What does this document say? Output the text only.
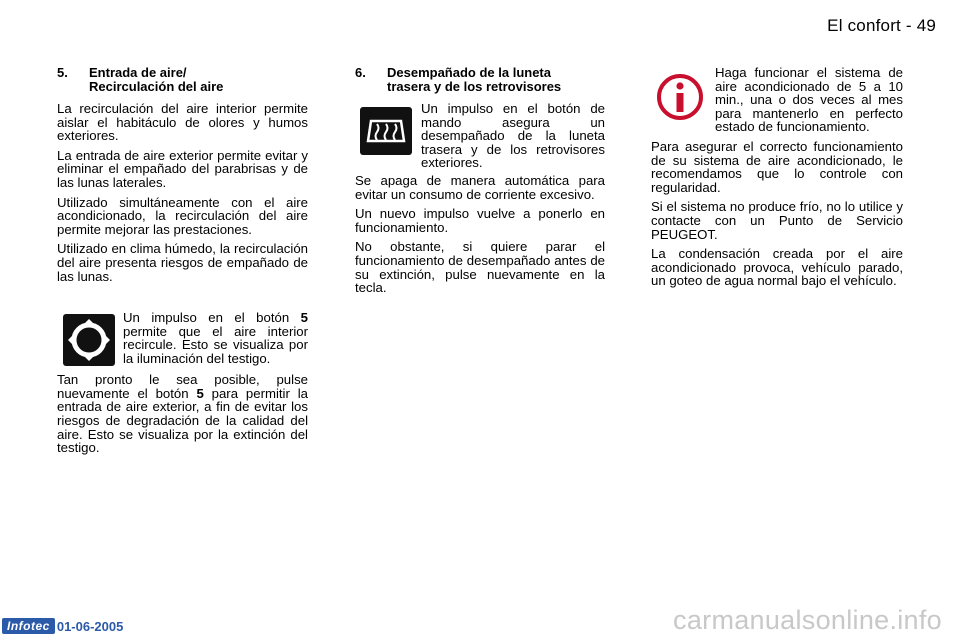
El confort - 49
5.	Entrada de aire/
Recirculación del aire

La recirculación del aire interior permite aislar el habitáculo de olores y humos exteriores.

La entrada de aire exterior permite evitar y eliminar el empañado del parabrisas y de las lunas laterales.

Utilizado simultáneamente con el aire acondicionado, la recirculación del aire permite mejorar las prestaciones.

Utilizado en clima húmedo, la recirculación del aire presenta riesgos de empañado de las lunas.

Un impulso en el botón 5 permite que el aire interior recircule. Esto se visualiza por la iluminación del testigo.

Tan pronto le sea posible, pulse nuevamente el botón 5 para permitir la entrada de aire exterior, a fin de evitar los riesgos de degradación de la calidad del aire. Esto se visualiza por la extinción del testigo.

6.	Desempañado de la luneta
trasera y de los retrovisores
Un impulso en el botón de mando asegura un desempañado de la luneta trasera y de los retrovisores exteriores.

Se apaga de manera automática para evitar un consumo de corriente excesivo.

Un nuevo impulso vuelve a ponerlo en funcionamiento.

No obstante, si quiere parar el funcionamiento de desempañado antes de su extinción, pulse nuevamente en la tecla.

Haga funcionar el sistema de aire acondicionado de 5 a 10 min., una o dos veces al mes para mantenerlo en perfecto estado de funcionamiento.

Para asegurar el correcto funcionamiento de su sistema de aire acondicionado, le recomendamos que lo controle con regularidad.

Si el sistema no produce frío, no lo utilice y contacte con un Punto de Servicio PEUGEOT.

La condensación creada por el aire acondicionado provoca, vehículo parado, un goteo de agua normal bajo el vehículo.

Infotec 01-06-2005	carmanualsonline.info
